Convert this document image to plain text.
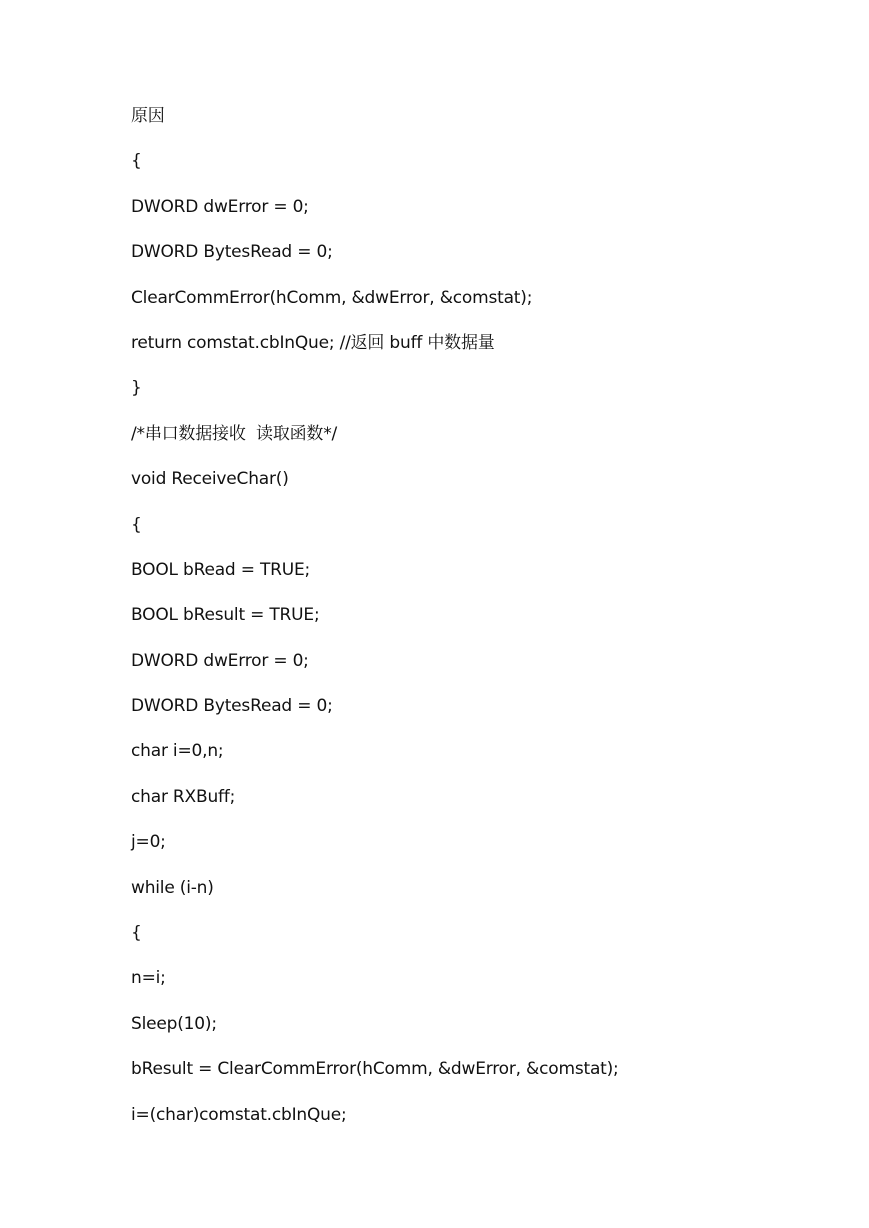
原因
{
DWORD dwError = 0;
DWORD BytesRead = 0;
ClearCommError(hComm, &dwError, &comstat);
return comstat.cbInQue; //返回 buff 中数据量
}
/*串口数据接收  读取函数*/
void ReceiveChar()
{
BOOL bRead = TRUE;
BOOL bResult = TRUE;
DWORD dwError = 0;
DWORD BytesRead = 0;
char i=0,n;
char RXBuff;
j=0;
while (i-n)
{
n=i;
Sleep(10);
bResult = ClearCommError(hComm, &dwError, &comstat);
i=(char)comstat.cbInQue;
